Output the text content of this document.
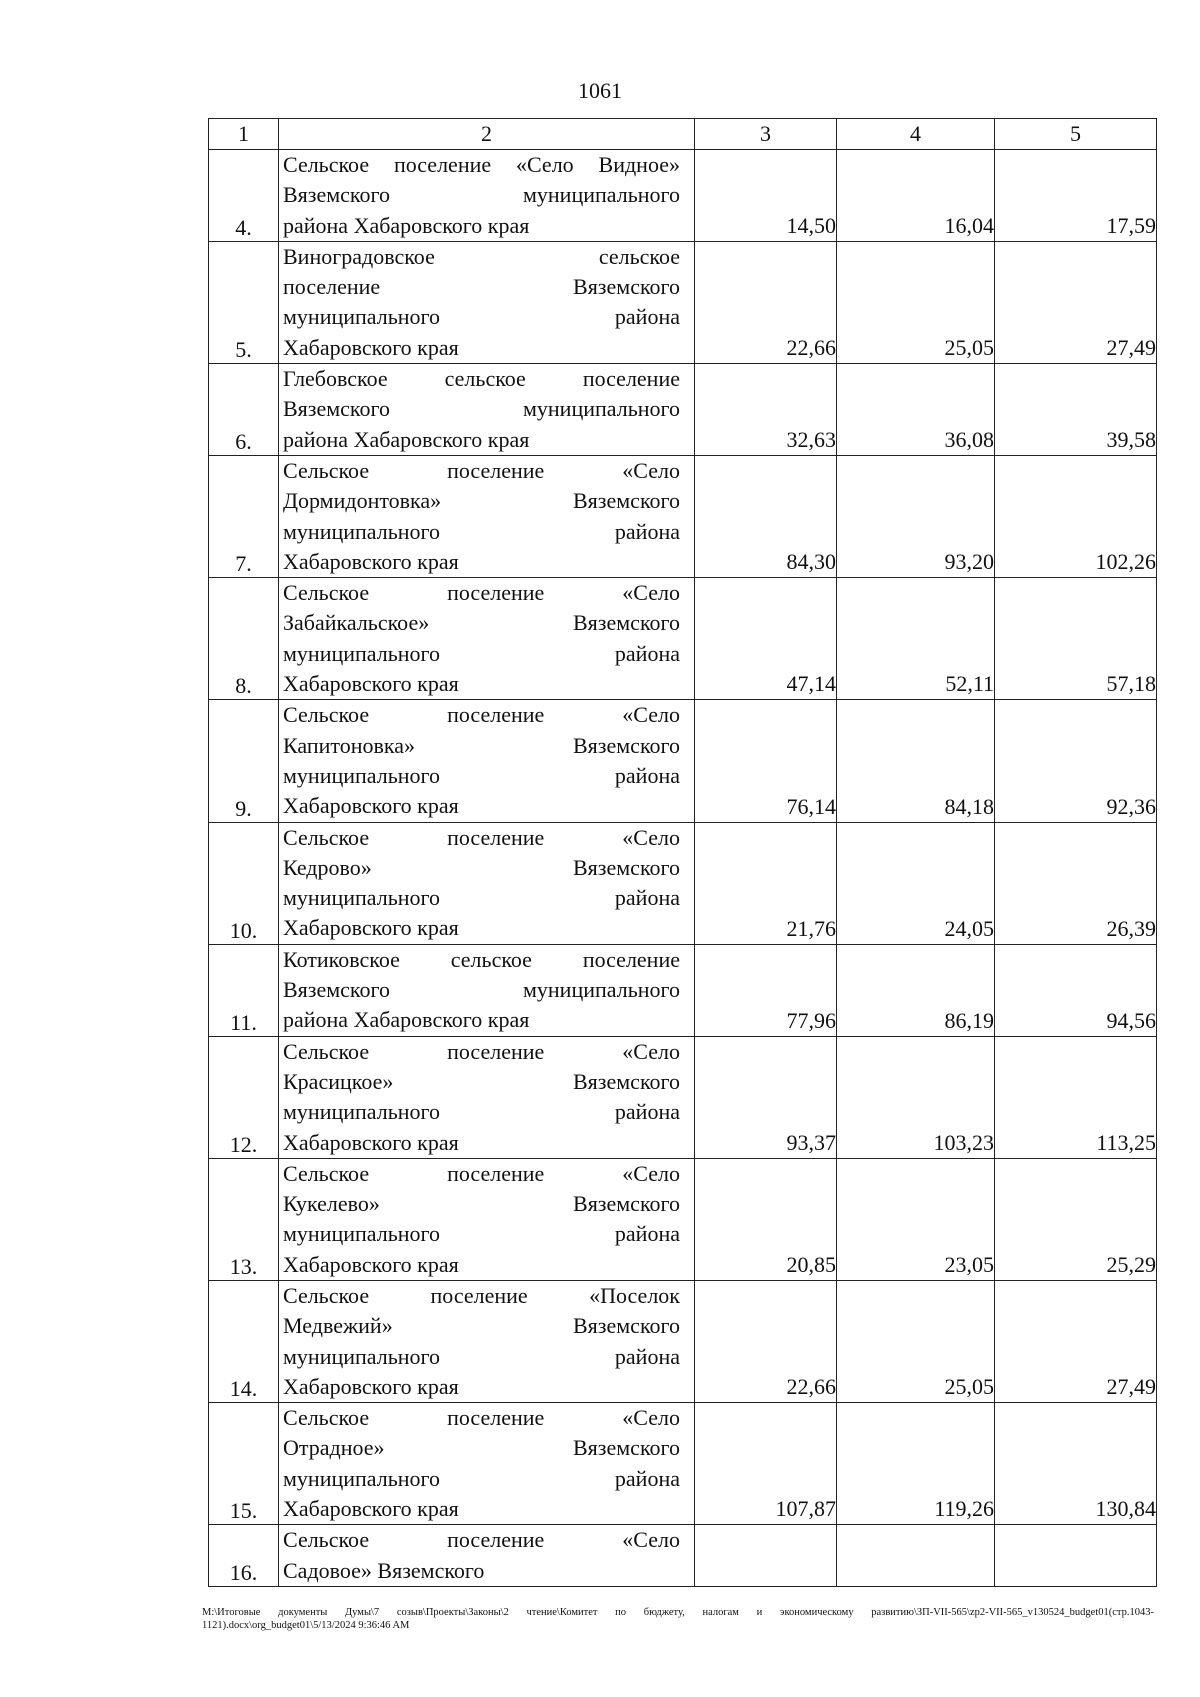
1061
1	2	3	4	5
4.	Сельское поселение «Село Видное»
Вяземского муниципального
района Хабаровского края	14,50	16,04	17,59
5.	Виноградовское сельское
поселение Вяземского
муниципального района
Хабаровского края	22,66	25,05	27,49
6.	Глебовское сельское поселение
Вяземского муниципального
района Хабаровского края	32,63	36,08	39,58
7.	Сельское поселение «Село
Дормидонтовка» Вяземского
муниципального района
Хабаровского края	84,30	93,20	102,26
8.	Сельское поселение «Село
Забайкальское» Вяземского
муниципального района
Хабаровского края	47,14	52,11	57,18
9.	Сельское поселение «Село
Капитоновка» Вяземского
муниципального района
Хабаровского края	76,14	84,18	92,36
10.	Сельское поселение «Село
Кедрово» Вяземского
муниципального района
Хабаровского края	21,76	24,05	26,39
11.	Котиковское сельское поселение
Вяземского муниципального
района Хабаровского края	77,96	86,19	94,56
12.	Сельское поселение «Село
Красицкое» Вяземского
муниципального района
Хабаровского края	93,37	103,23	113,25
13.	Сельское поселение «Село
Кукелево» Вяземского
муниципального района
Хабаровского края	20,85	23,05	25,29
14.	Сельское поселение «Поселок
Медвежий» Вяземского
муниципального района
Хабаровского края	22,66	25,05	27,49
15.	Сельское поселение «Село
Отрадное» Вяземского
муниципального района
Хабаровского края	107,87	119,26	130,84
16.	Сельское поселение «Село
Садовое» Вяземского			

M:\Итоговые документы Думы\7 созыв\Проекты\Законы\2 чтение\Комитет по бюджету, налогам и экономическому развитию\ЗП-VII-565\zp2-VII-565_v130524_budget01(стр.1043-1121).docx\org_budget01\5/13/2024 9:36:46 AM
